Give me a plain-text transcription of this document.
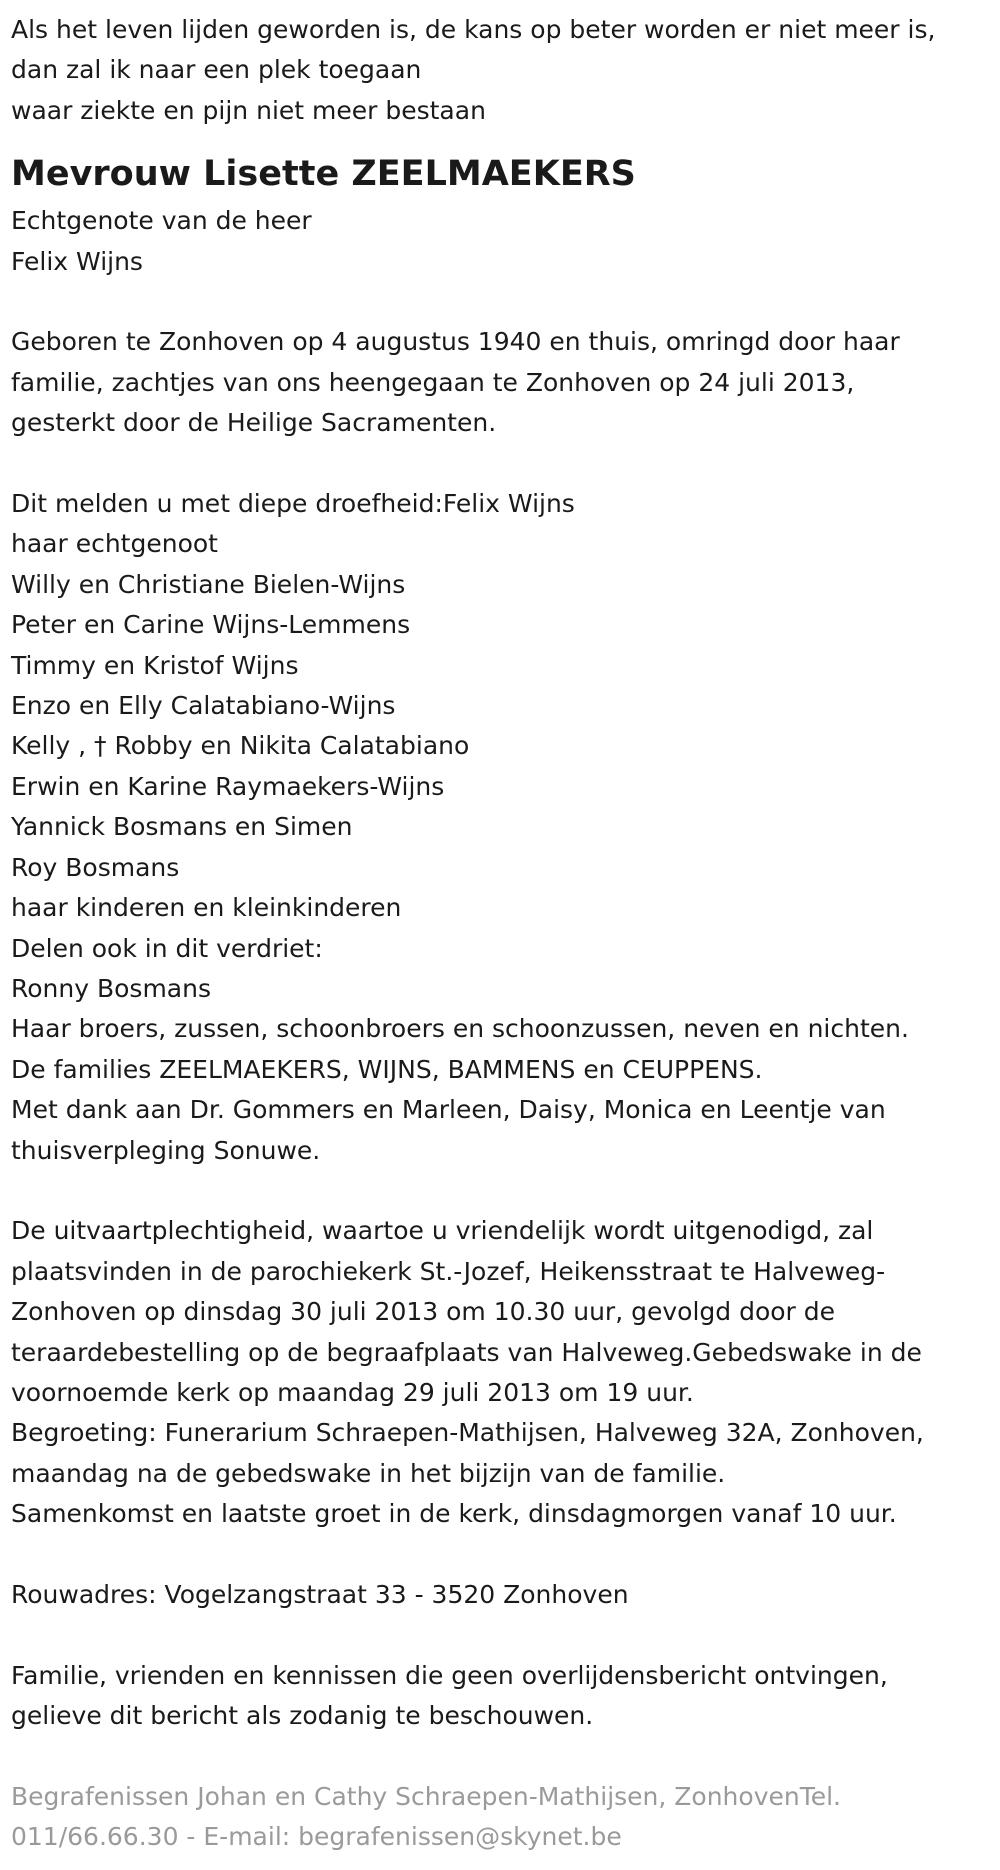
Als het leven lijden geworden is, de kans op beter worden er niet meer is,
dan zal ik naar een plek toegaan
waar ziekte en pijn niet meer bestaan
Mevrouw Lisette ZEELMAEKERS
Echtgenote van de heer
Felix Wijns
Geboren te Zonhoven op 4 augustus 1940 en thuis, omringd door haar
familie, zachtjes van ons heengegaan te Zonhoven op 24 juli 2013,
gesterkt door de Heilige Sacramenten.
Dit melden u met diepe droefheid:Felix Wijns
haar echtgenoot
Willy en Christiane Bielen-Wijns
Peter en Carine Wijns-Lemmens
Timmy en Kristof Wijns
Enzo en Elly Calatabiano-Wijns
Kelly , † Robby en Nikita Calatabiano
Erwin en Karine Raymaekers-Wijns
Yannick Bosmans en Simen
Roy Bosmans
haar kinderen en kleinkinderen
Delen ook in dit verdriet:
Ronny Bosmans
Haar broers, zussen, schoonbroers en schoonzussen, neven en nichten.
De families ZEELMAEKERS, WIJNS, BAMMENS en CEUPPENS.
Met dank aan Dr. Gommers en Marleen, Daisy, Monica en Leentje van
thuisverpleging Sonuwe.
De uitvaartplechtigheid, waartoe u vriendelijk wordt uitgenodigd, zal
plaatsvinden in de parochiekerk St.-Jozef, Heikensstraat te Halveweg-
Zonhoven op dinsdag 30 juli 2013 om 10.30 uur, gevolgd door de
teraardebestelling op de begraafplaats van Halveweg.Gebedswake in de
voornoemde kerk op maandag 29 juli 2013 om 19 uur.
Begroeting: Funerarium Schraepen-Mathijsen, Halveweg 32A, Zonhoven,
maandag na de gebedswake in het bijzijn van de familie.
Samenkomst en laatste groet in de kerk, dinsdagmorgen vanaf 10 uur.
Rouwadres: Vogelzangstraat 33 - 3520 Zonhoven
Familie, vrienden en kennissen die geen overlijdensbericht ontvingen,
gelieve dit bericht als zodanig te beschouwen.
Begrafenissen Johan en Cathy Schraepen-Mathijsen, ZonhovenTel.
011/66.66.30 - E-mail: begrafenissen@skynet.be
